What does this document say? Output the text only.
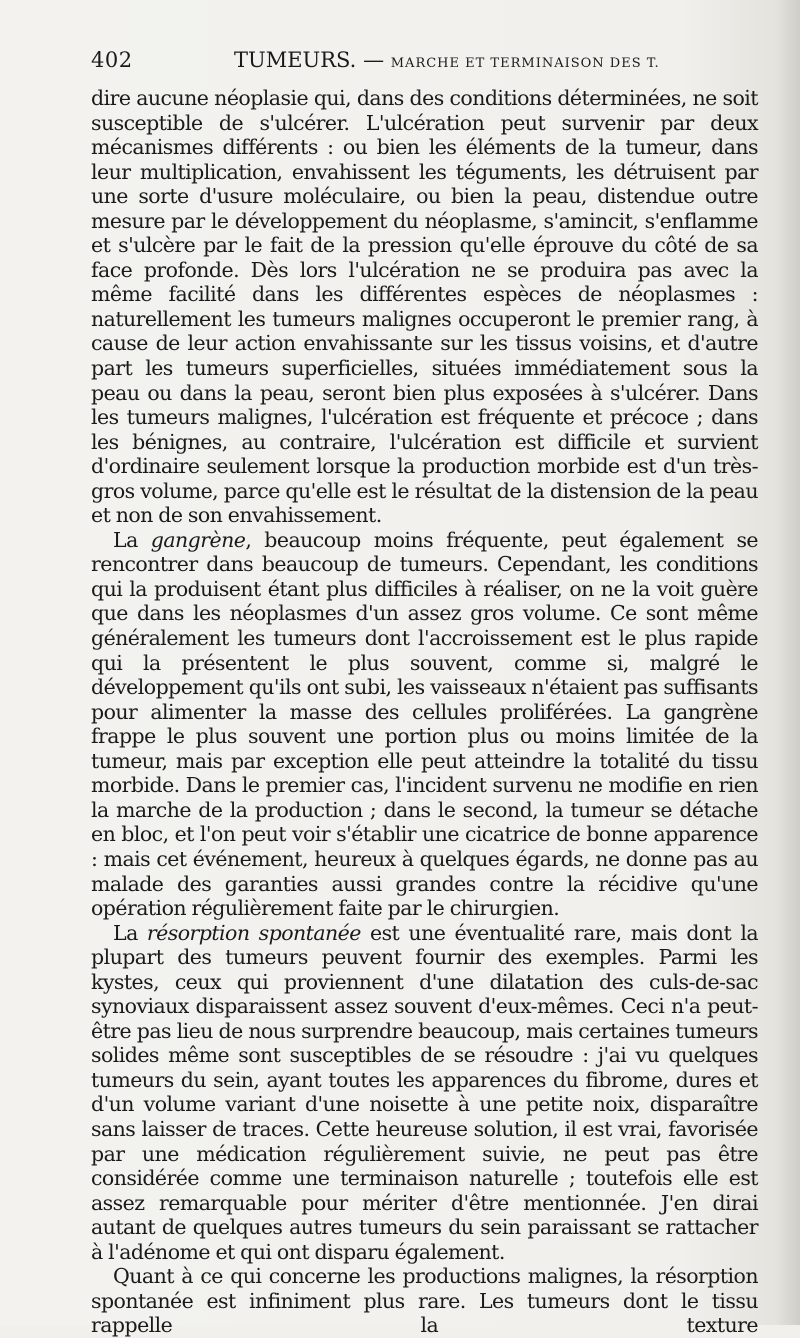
402	TUMEURS. — MARCHE ET TERMINAISON DES T.

dire aucune néoplasie qui, dans des conditions déterminées, ne soit susceptible de s'ulcérer. L'ulcération peut survenir par deux mécanismes différents : ou bien les éléments de la tumeur, dans leur multiplication, envahissent les téguments, les détruisent par une sorte d'usure moléculaire, ou bien la peau, distendue outre mesure par le développement du néoplasme, s'amincit, s'enflamme et s'ulcère par le fait de la pression qu'elle éprouve du côté de sa face profonde. Dès lors l'ulcération ne se produira pas avec la même facilité dans les différentes espèces de néoplasmes : naturellement les tumeurs malignes occuperont le premier rang, à cause de leur action envahissante sur les tissus voisins, et d'autre part les tumeurs superficielles, situées immédiatement sous la peau ou dans la peau, seront bien plus exposées à s'ulcérer. Dans les tumeurs malignes, l'ulcération est fréquente et précoce ; dans les bénignes, au contraire, l'ulcération est difficile et survient d'ordinaire seulement lorsque la production morbide est d'un très-gros volume, parce qu'elle est le résultat de la distension de la peau et non de son envahissement.

La gangrène, beaucoup moins fréquente, peut également se rencontrer dans beaucoup de tumeurs. Cependant, les conditions qui la produisent étant plus difficiles à réaliser, on ne la voit guère que dans les néoplasmes d'un assez gros volume. Ce sont même généralement les tumeurs dont l'accroissement est le plus rapide qui la présentent le plus souvent, comme si, malgré le développement qu'ils ont subi, les vaisseaux n'étaient pas suffisants pour alimenter la masse des cellules proliférées. La gangrène frappe le plus souvent une portion plus ou moins limitée de la tumeur, mais par exception elle peut atteindre la totalité du tissu morbide. Dans le premier cas, l'incident survenu ne modifie en rien la marche de la production ; dans le second, la tumeur se détache en bloc, et l'on peut voir s'établir une cicatrice de bonne apparence : mais cet événement, heureux à quelques égards, ne donne pas au malade des garanties aussi grandes contre la récidive qu'une opération régulièrement faite par le chirurgien.

La résorption spontanée est une éventualité rare, mais dont la plupart des tumeurs peuvent fournir des exemples. Parmi les kystes, ceux qui proviennent d'une dilatation des culs-de-sac synoviaux disparaissent assez souvent d'eux-mêmes. Ceci n'a peut-être pas lieu de nous surprendre beaucoup, mais certaines tumeurs solides même sont susceptibles de se résoudre : j'ai vu quelques tumeurs du sein, ayant toutes les apparences du fibrome, dures et d'un volume variant d'une noisette à une petite noix, disparaître sans laisser de traces. Cette heureuse solution, il est vrai, favorisée par une médication régulièrement suivie, ne peut pas être considérée comme une terminaison naturelle ; toutefois elle est assez remarquable pour mériter d'être mentionnée. J'en dirai autant de quelques autres tumeurs du sein paraissant se rattacher à l'adénome et qui ont disparu également.

Quant à ce qui concerne les productions malignes, la résorption spontanée est infiniment plus rare. Les tumeurs dont le tissu rappelle la texture
